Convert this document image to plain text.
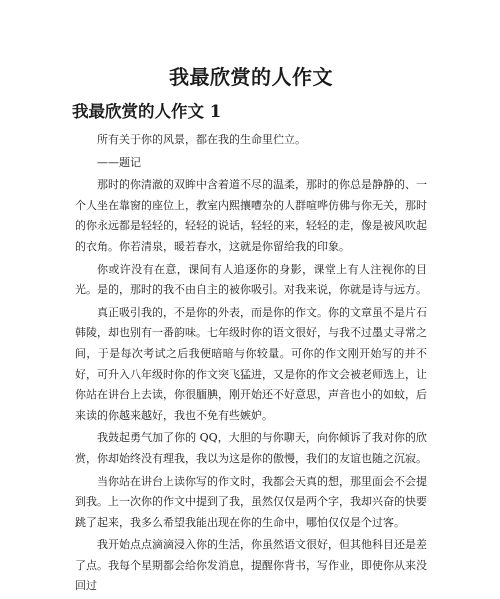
我最欣赏的人作文
我最欣赏的人作文 1

所有关于你的风景，都在我的生命里伫立。

——题记

那时的你清澈的双眸中含着道不尽的温柔，那时的你总是静静的、一个人坐在靠窗的座位上，教室内熙攘嘈杂的人群喧哗仿佛与你无关，那时的你永远都是轻轻的，轻轻的说话，轻轻的来，轻轻的走，像是被风吹起的衣角。你若清泉，暖若春水，这就是你留给我的印象。

你或许没有在意，课间有人追逐你的身影，课堂上有人注视你的目光。是的，那时的我不由自主的被你吸引。对我来说，你就是诗与远方。

真正吸引我的，不是你的外表，而是你的作文。你的文章虽不是片石韩陵，却也别有一番韵味。七年级时你的语文很好，与我不过墨丈寻常之间，于是每次考试之后我便暗暗与你较量。可你的作文刚开始写的并不好，可升入八年级时你的作文突飞猛进，又是你的作文会被老师选上，让你站在讲台上去读，你很腼腆，刚开始还不好意思，声音也小的如蚊，后来读的你越来越好，我也不免有些嫉妒。

我鼓起勇气加了你的 QQ，大胆的与你聊天，向你倾诉了我对你的欣赏，你却始终没有理我，我以为这是你的傲慢，我们的友谊也随之沉寂。

当你站在讲台上读你写的作文时，我都会天真的想，那里面会不会提到我。上一次你的作文中提到了我，虽然仅仅是两个字，我却兴奋的快要跳了起来，我多么希望我能出现在你的生命中，哪怕仅仅是个过客。

我开始点点滴滴浸入你的生活，你虽然语文很好，但其他科目还是差了点。我每个星期都会给你发消息，提醒你背书，写作业，即使你从来没回过
